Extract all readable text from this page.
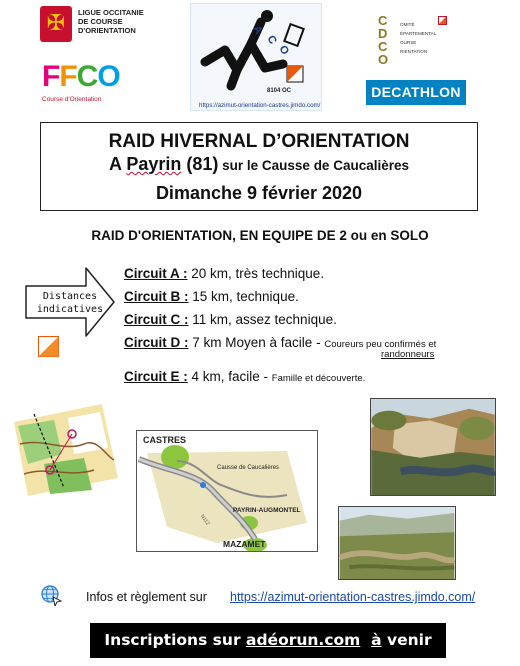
✠ LIGUE OCCITANIE DE COURSE D'ORIENTATION
FFCO
Course d'Orientation
A
C
O
8104 OC
https://azimut-orientation-castres.jimdo.com/
C
D
C
O
OMITÉ
ÉPARTEMENTAL
OURSE
RIENTATION
DECATHLON
RAID HIVERNAL D’ORIENTATION
A Payrin (81) sur le Causse de Caucalières
Dimanche 9 février 2020
RAID D'ORIENTATION, EN EQUIPE DE 2 ou en SOLO
Distances
indicatives
Circuit A : 20 km, très technique.
Circuit B : 15 km, technique.
Circuit C : 11 km, assez technique.
Circuit D : 7 km Moyen à facile - Coureurs peu confirmés et
randonneurs
Circuit E : 4 km, facile - Famille et découverte.
CASTRES
Causse de Caucalières
PAYRIN-AUGMONTEL
MAZAMET
N112
Infos et règlement sur https://azimut-orientation-castres.jimdo.com/
Inscriptions sur adéorun.com à venir
